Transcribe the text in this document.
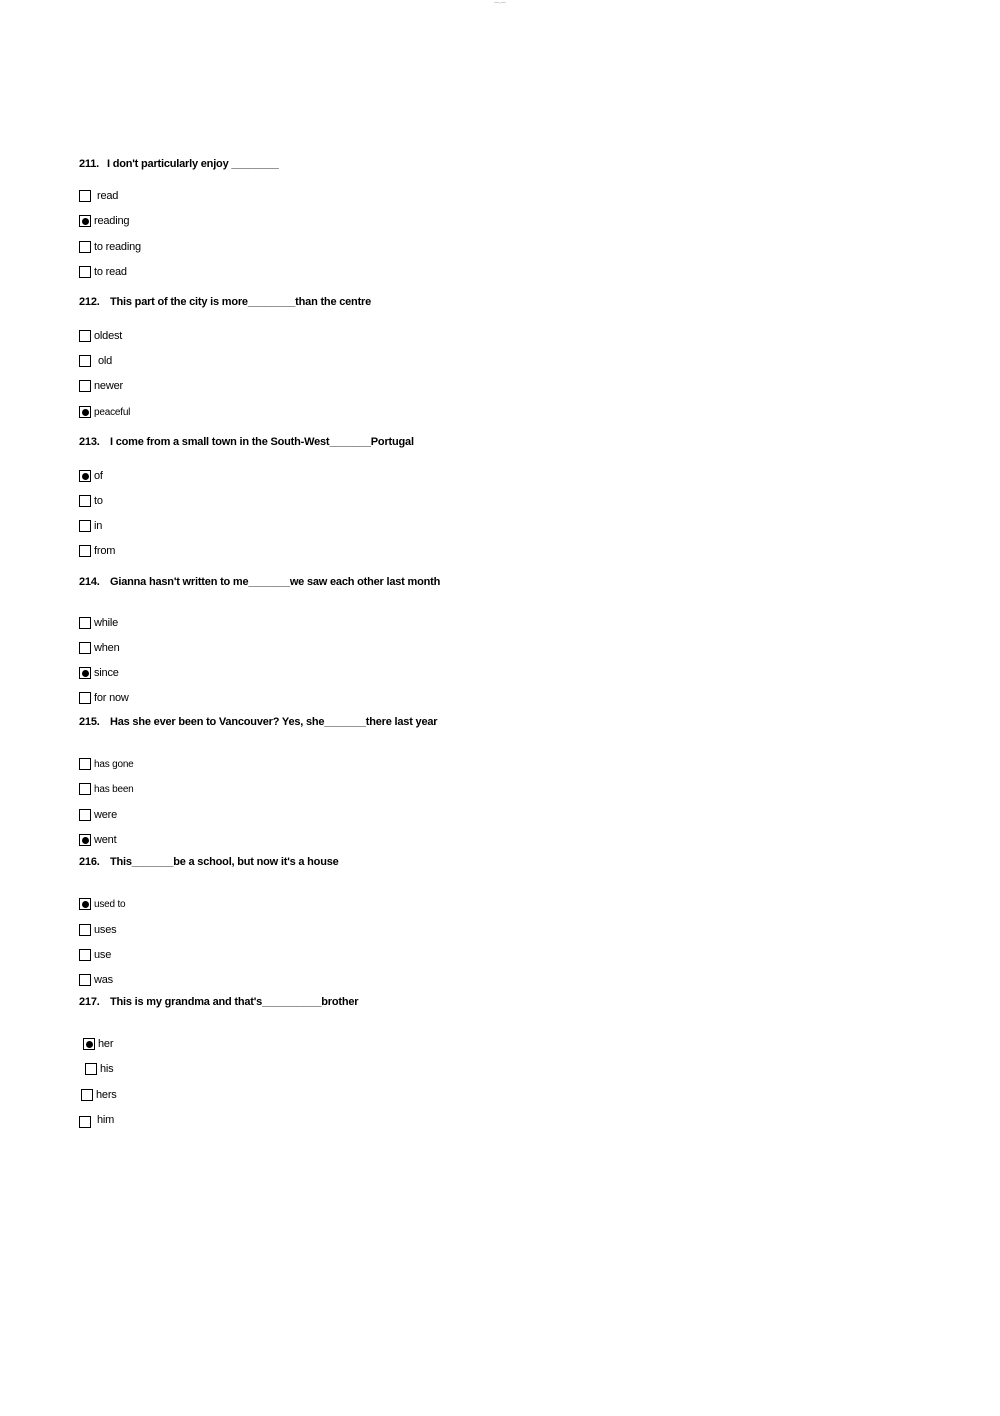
—.—
211. I don't particularly enjoy ________
read
reading
to reading
to read
212. This part of the city is more________than the centre
oldest
old
newer
peaceful
213. I come from a small town in the South-West_______Portugal
of
to
in
from
214. Gianna hasn't written to me_______we saw each other last month
while
when
since
for now
215. Has she ever been to Vancouver? Yes, she_______there last year
has gone
has been
were
went
216. This_______be a school, but now it's a house
used to
uses
use
was
217. This is my grandma and that's__________brother
her
his
hers
him
